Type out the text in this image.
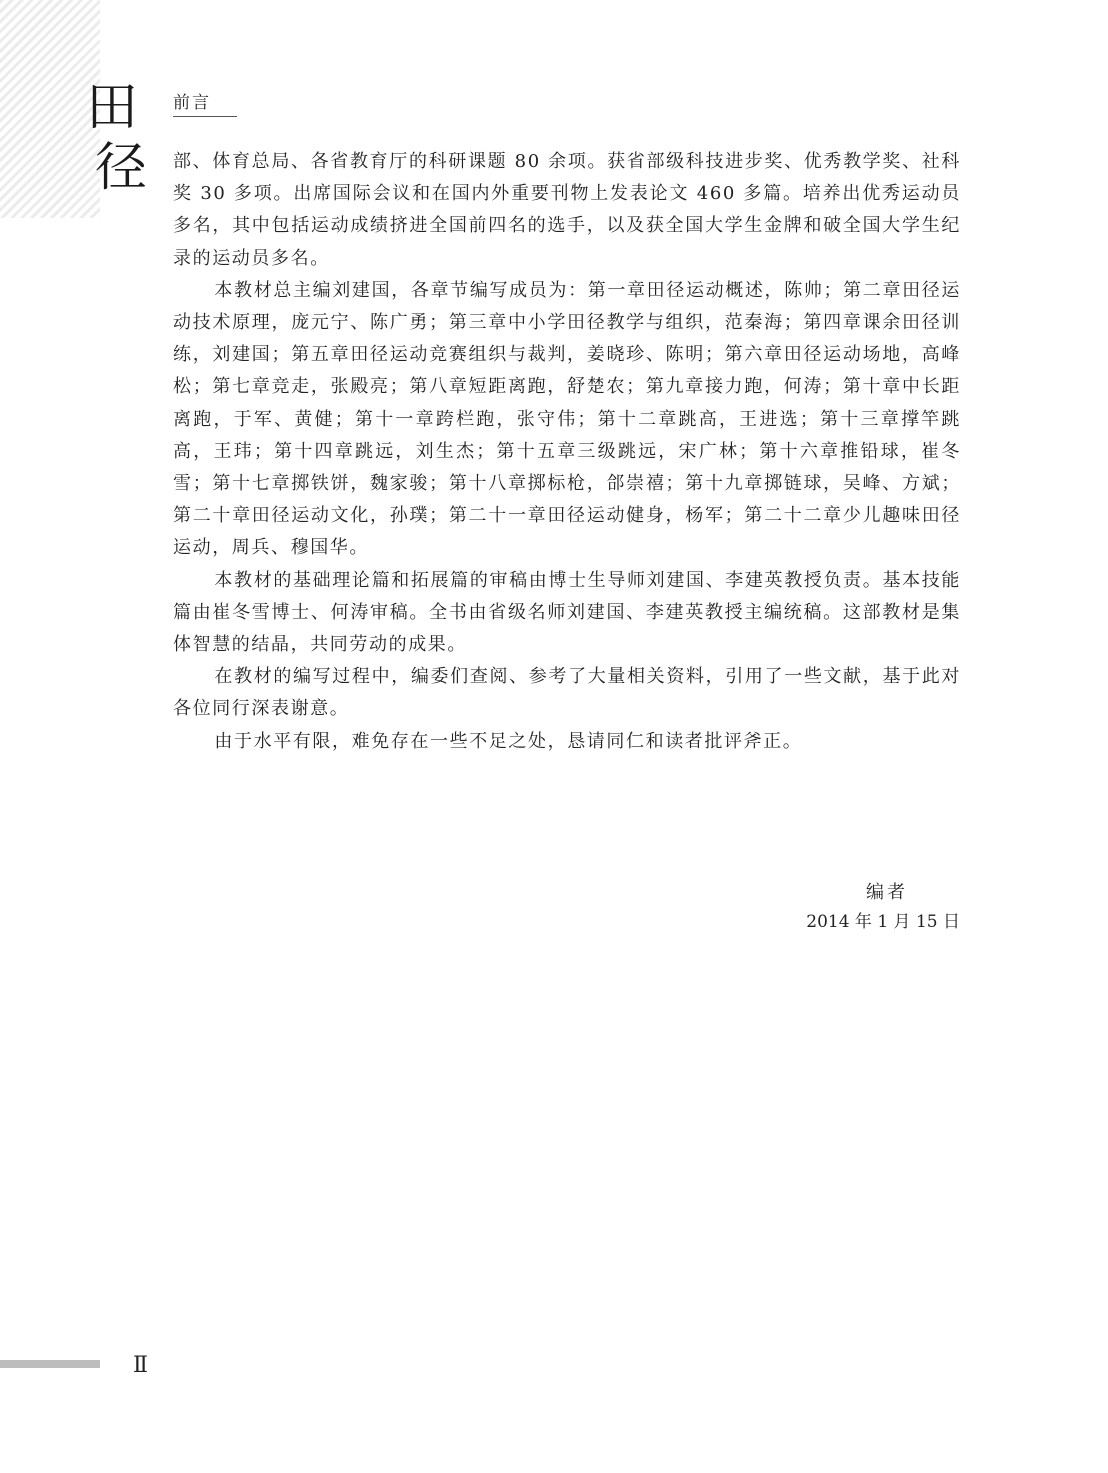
田
径
前言

部、体育总局、各省教育厅的科研课题 80 余项。获省部级科技进步奖、优秀教学奖、社科奖 30 多项。出席国际会议和在国内外重要刊物上发表论文 460 多篇。培养出优秀运动员多名，其中包括运动成绩挤进全国前四名的选手，以及获全国大学生金牌和破全国大学生纪录的运动员多名。

本教材总主编刘建国，各章节编写成员为：第一章田径运动概述，陈帅；第二章田径运动技术原理，庞元宁、陈广勇；第三章中小学田径教学与组织，范秦海；第四章课余田径训练，刘建国；第五章田径运动竞赛组织与裁判，姜晓珍、陈明；第六章田径运动场地，高峰松；第七章竞走，张殿亮；第八章短距离跑，舒楚农；第九章接力跑，何涛；第十章中长距离跑，于军、黄健；第十一章跨栏跑，张守伟；第十二章跳高，王进选；第十三章撑竿跳高，王玮；第十四章跳远，刘生杰；第十五章三级跳远，宋广林；第十六章推铅球，崔冬雪；第十七章掷铁饼，魏家骏；第十八章掷标枪，郃崇禧；第十九章掷链球，吴峰、方斌；第二十章田径运动文化，孙璞；第二十一章田径运动健身，杨军；第二十二章少儿趣味田径运动，周兵、穆国华。

本教材的基础理论篇和拓展篇的审稿由博士生导师刘建国、李建英教授负责。基本技能篇由崔冬雪博士、何涛审稿。全书由省级名师刘建国、李建英教授主编统稿。这部教材是集体智慧的结晶，共同劳动的成果。

在教材的编写过程中，编委们查阅、参考了大量相关资料，引用了一些文献，基于此对各位同行深表谢意。

由于水平有限，难免存在一些不足之处，恳请同仁和读者批评斧正。

编者
2014 年 1 月 15 日
Ⅱ
